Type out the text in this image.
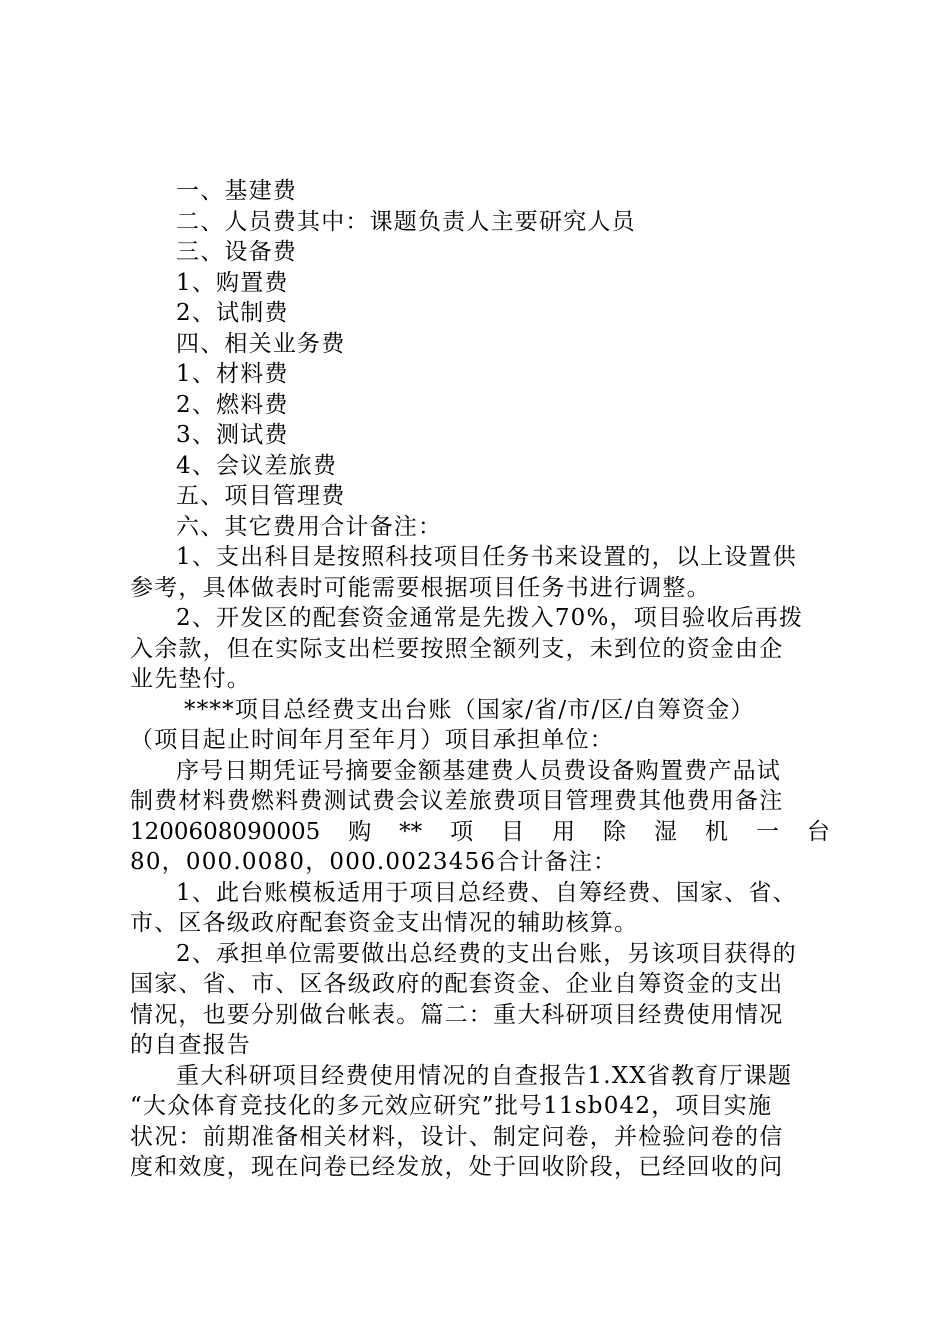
一、基建费
二、人员费其中：课题负责人主要研究人员
三、设备费
1、购置费
2、试制费
四、相关业务费
1、材料费
2、燃料费
3、测试费
4、会议差旅费
五、项目管理费
六、其它费用合计备注：
1、支出科目是按照科技项目任务书来设置的，以上设置供
参考，具体做表时可能需要根据项目任务书进行调整。
2、开发区的配套资金通常是先拨入70%，项目验收后再拨
入余款，但在实际支出栏要按照全额列支，未到位的资金由企
业先垫付。
****项目总经费支出台账（国家/省/市/区/自筹资金）
（项目起止时间年月至年月）项目承担单位：
序号日期凭证号摘要金额基建费人员费设备购置费产品试
制费材料费燃料费测试费会议差旅费项目管理费其他费用备注
1200608090005 购 ** 项 目 用 除 湿 机 一 台
80，000.0080，000.0023456合计备注：
1、此台账模板适用于项目总经费、自筹经费、国家、省、
市、区各级政府配套资金支出情况的辅助核算。
2、承担单位需要做出总经费的支出台账，另该项目获得的
国家、省、市、区各级政府的配套资金、企业自筹资金的支出
情况，也要分别做台帐表。篇二：重大科研项目经费使用情况
的自查报告
重大科研项目经费使用情况的自查报告1.XX省教育厅课题
“大众体育竞技化的多元效应研究”批号11sb042，项目实施
状况：前期准备相关材料，设计、制定问卷，并检验问卷的信
度和效度，现在问卷已经发放，处于回收阶段，已经回收的问
